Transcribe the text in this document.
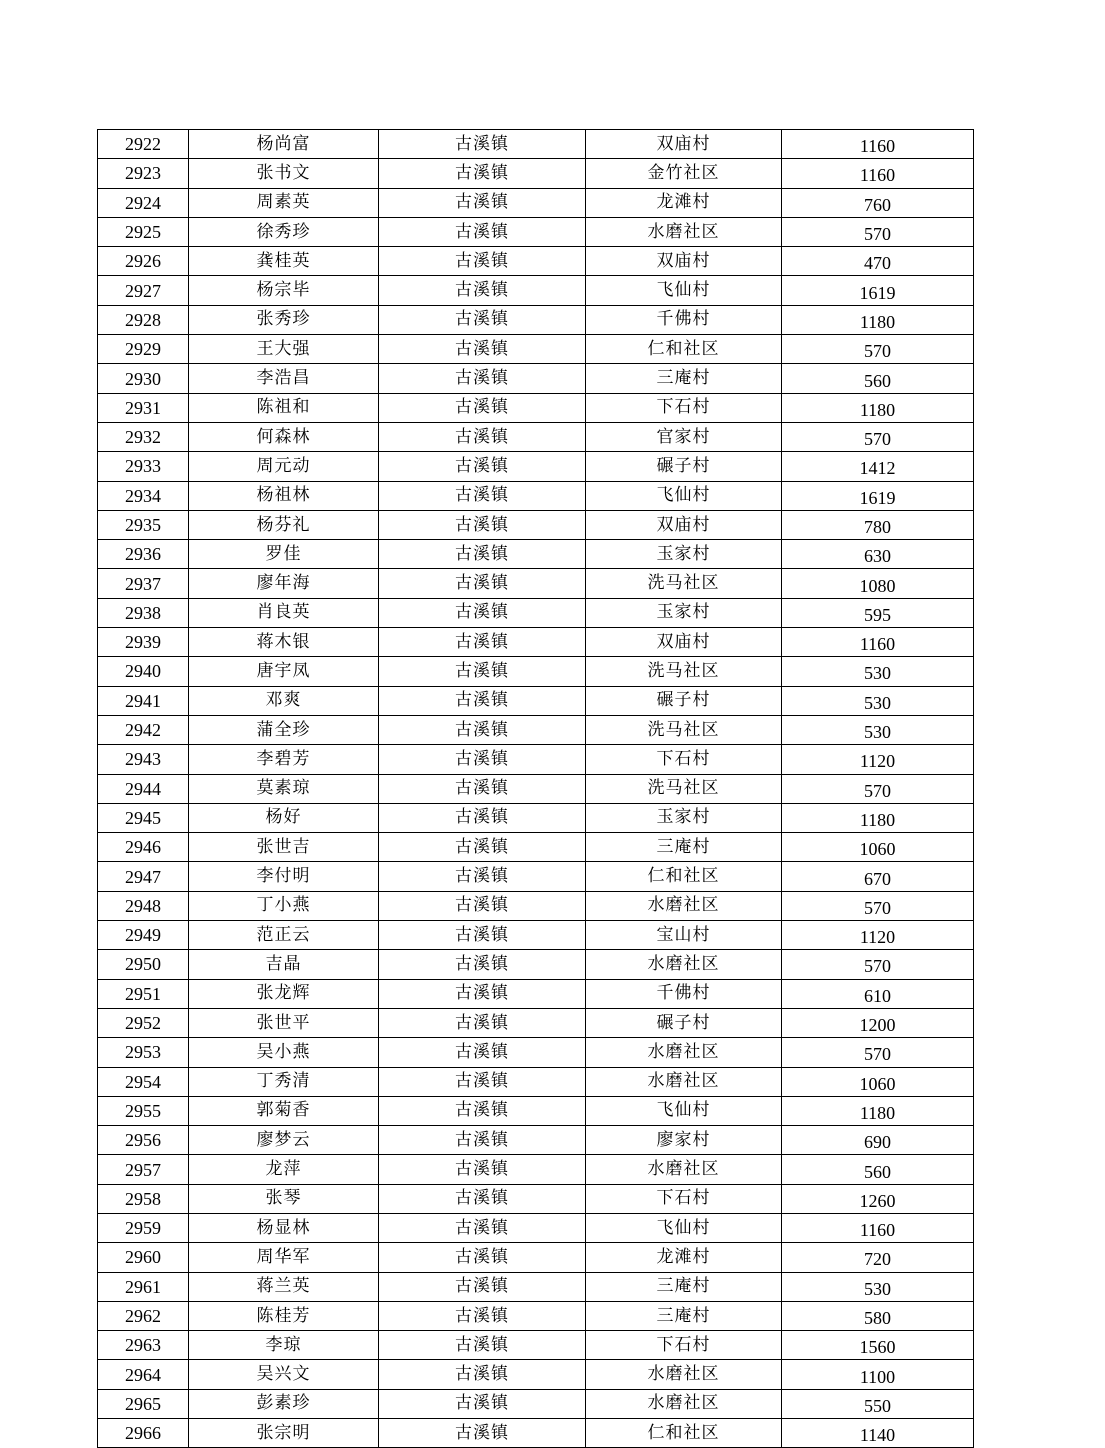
2922	杨尚富	古溪镇	双庙村	1160
2923	张书文	古溪镇	金竹社区	1160
2924	周素英	古溪镇	龙滩村	760
2925	徐秀珍	古溪镇	水磨社区	570
2926	龚桂英	古溪镇	双庙村	470
2927	杨宗毕	古溪镇	飞仙村	1619
2928	张秀珍	古溪镇	千佛村	1180
2929	王大强	古溪镇	仁和社区	570
2930	李浩昌	古溪镇	三庵村	560
2931	陈祖和	古溪镇	下石村	1180
2932	何森林	古溪镇	官家村	570
2933	周元动	古溪镇	碾子村	1412
2934	杨祖林	古溪镇	飞仙村	1619
2935	杨芬礼	古溪镇	双庙村	780
2936	罗佳	古溪镇	玉家村	630
2937	廖年海	古溪镇	洗马社区	1080
2938	肖良英	古溪镇	玉家村	595
2939	蒋木银	古溪镇	双庙村	1160
2940	唐宇凤	古溪镇	洗马社区	530
2941	邓爽	古溪镇	碾子村	530
2942	蒲全珍	古溪镇	洗马社区	530
2943	李碧芳	古溪镇	下石村	1120
2944	莫素琼	古溪镇	洗马社区	570
2945	杨好	古溪镇	玉家村	1180
2946	张世吉	古溪镇	三庵村	1060
2947	李付明	古溪镇	仁和社区	670
2948	丁小燕	古溪镇	水磨社区	570
2949	范正云	古溪镇	宝山村	1120
2950	吉晶	古溪镇	水磨社区	570
2951	张龙辉	古溪镇	千佛村	610
2952	张世平	古溪镇	碾子村	1200
2953	吴小燕	古溪镇	水磨社区	570
2954	丁秀清	古溪镇	水磨社区	1060
2955	郭菊香	古溪镇	飞仙村	1180
2956	廖梦云	古溪镇	廖家村	690
2957	龙萍	古溪镇	水磨社区	560
2958	张琴	古溪镇	下石村	1260
2959	杨显林	古溪镇	飞仙村	1160
2960	周华军	古溪镇	龙滩村	720
2961	蒋兰英	古溪镇	三庵村	530
2962	陈桂芳	古溪镇	三庵村	580
2963	李琼	古溪镇	下石村	1560
2964	吴兴文	古溪镇	水磨社区	1100
2965	彭素珍	古溪镇	水磨社区	550
2966	张宗明	古溪镇	仁和社区	1140
